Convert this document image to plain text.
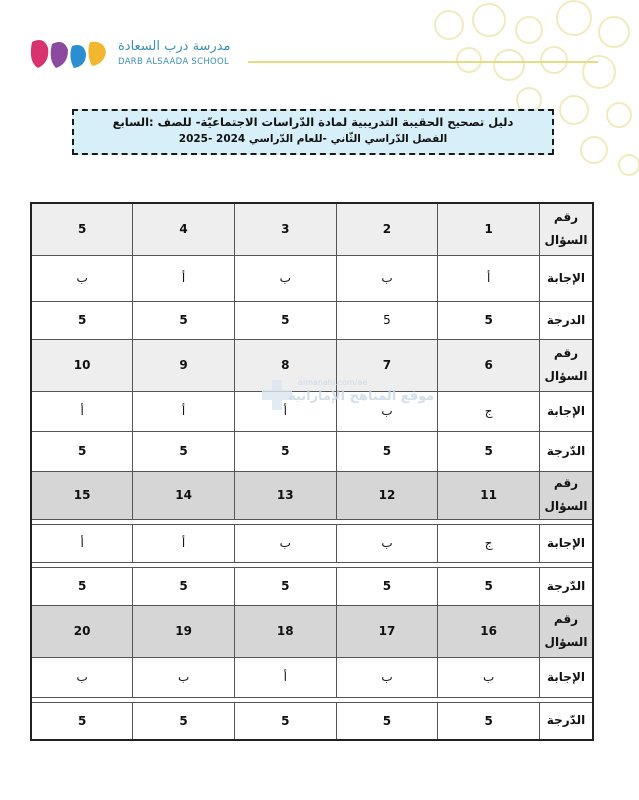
مدرسة درب السعادة
DARB ALSAADA SCHOOL
دليل تصحيح الحقيبة التدريبية لمادة الدّراسات الاجتماعيّة- للصف :السابع
الفصل الدّراسي الثّاني -للعام الدّراسي 2024 -2025
رقم
السؤال	1	2	3	4	5
الإجابة	أ	ب	ب	أ	ب
الدرجة	5	5	5	5	5
رقم
السؤال	6	7	8	9	10
الإجابة	ج	ب	أ	أ	أ
الدّرجة	5	5	5	5	5
رقم
السؤال	11	12	13	14	15

الإجابة	ج	ب	ب	أ	أ

الدّرجة	5	5	5	5	5
رقم
السؤال	16	17	18	19	20
الإجابة	ب	ب	أ	ب	ب

الدّرجة	5	5	5	5	5
almanahj.com/ae
موقع المناهج الإماراتية
